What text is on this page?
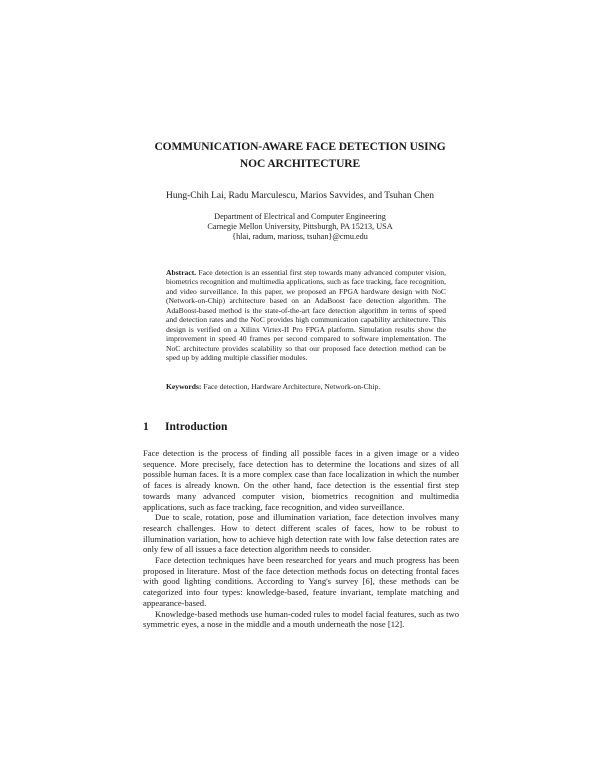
COMMUNICATION-AWARE FACE DETECTION USING
NOC ARCHITECTURE
Hung-Chih Lai, Radu Marculescu, Marios Savvides, and Tsuhan Chen
Department of Electrical and Computer Engineering
Carnegie Mellon University, Pittsburgh, PA 15213, USA
{hlai, radum, marioss, tsuhan}@cmu.edu
Abstract. Face detection is an essential first step towards many advanced computer vision, biometrics recognition and multimedia applications, such as face tracking, face recognition, and video surveillance. In this paper, we proposed an FPGA hardware design with NoC (Network-on-Chip) architecture based on an AdaBoost face detection algorithm. The AdaBoost-based method is the state-of-the-art face detection algorithm in terms of speed and detection rates and the NoC provides high communication capability architecture. This design is verified on a Xilinx Virtex-II Pro FPGA platform. Simulation results show the improvement in speed 40 frames per second compared to software implementation. The NoC architecture provides scalability so that our proposed face detection method can be sped up by adding multiple classifier modules.
Keywords: Face detection, Hardware Architecture, Network-on-Chip.
1 Introduction

Face detection is the process of finding all possible faces in a given image or a video sequence. More precisely, face detection has to determine the locations and sizes of all possible human faces. It is a more complex case than face localization in which the number of faces is already known. On the other hand, face detection is the essential first step towards many advanced computer vision, biometrics recognition and multimedia applications, such as face tracking, face recognition, and video surveillance.

Due to scale, rotation, pose and illumination variation, face detection involves many research challenges. How to detect different scales of faces, how to be robust to illumination variation, how to achieve high detection rate with low false detection rates are only few of all issues a face detection algorithm needs to consider.

Face detection techniques have been researched for years and much progress has been proposed in literature. Most of the face detection methods focus on detecting frontal faces with good lighting conditions. According to Yang's survey [6], these methods can be categorized into four types: knowledge-based, feature invariant, template matching and appearance-based.

Knowledge-based methods use human-coded rules to model facial features, such as two symmetric eyes, a nose in the middle and a mouth underneath the nose [12].
